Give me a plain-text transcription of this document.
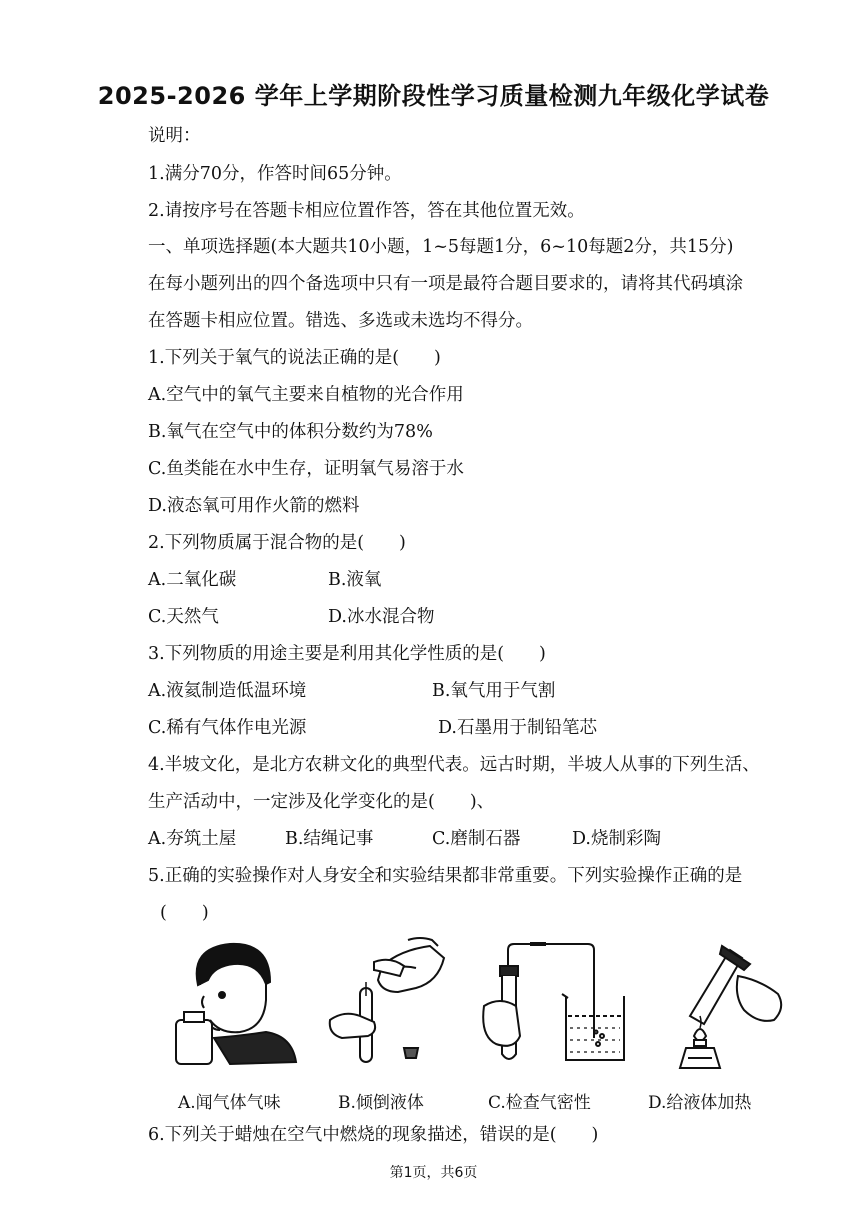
2025-2026 学年上学期阶段性学习质量检测九年级化学试卷
说明：
1.满分70分，作答时间65分钟。
2.请按序号在答题卡相应位置作答，答在其他位置无效。
一、单项选择题(本大题共10小题，1~5每题1分，6~10每题2分，共15分)
在每小题列出的四个备选项中只有一项是最符合题目要求的，请将其代码填涂
在答题卡相应位置。错选、多选或未选均不得分。
1.下列关于氧气的说法正确的是(　　)
A.空气中的氧气主要来自植物的光合作用
B.氧气在空气中的体积分数约为78%
C.鱼类能在水中生存，证明氧气易溶于水
D.液态氧可用作火箭的燃料
2.下列物质属于混合物的是(　　)
A.二氧化碳	B.液氧
C.天然气	D.冰水混合物
3.下列物质的用途主要是利用其化学性质的是(　　)
A.液氦制造低温环境	B.氧气用于气割
C.稀有气体作电光源	D.石墨用于制铅笔芯
4.半坡文化，是北方农耕文化的典型代表。远古时期，半坡人从事的下列生活、
生产活动中，一定涉及化学变化的是(　　)、
A.夯筑土屋	B.结绳记事	C.磨制石器	D.烧制彩陶
5.正确的实验操作对人身安全和实验结果都非常重要。下列实验操作正确的是
(　　)
A.闻气体气味	B.倾倒液体	C.检查气密性	D.给液体加热
6.下列关于蜡烛在空气中燃烧的现象描述，错误的是(　　)
第1页，共6页
